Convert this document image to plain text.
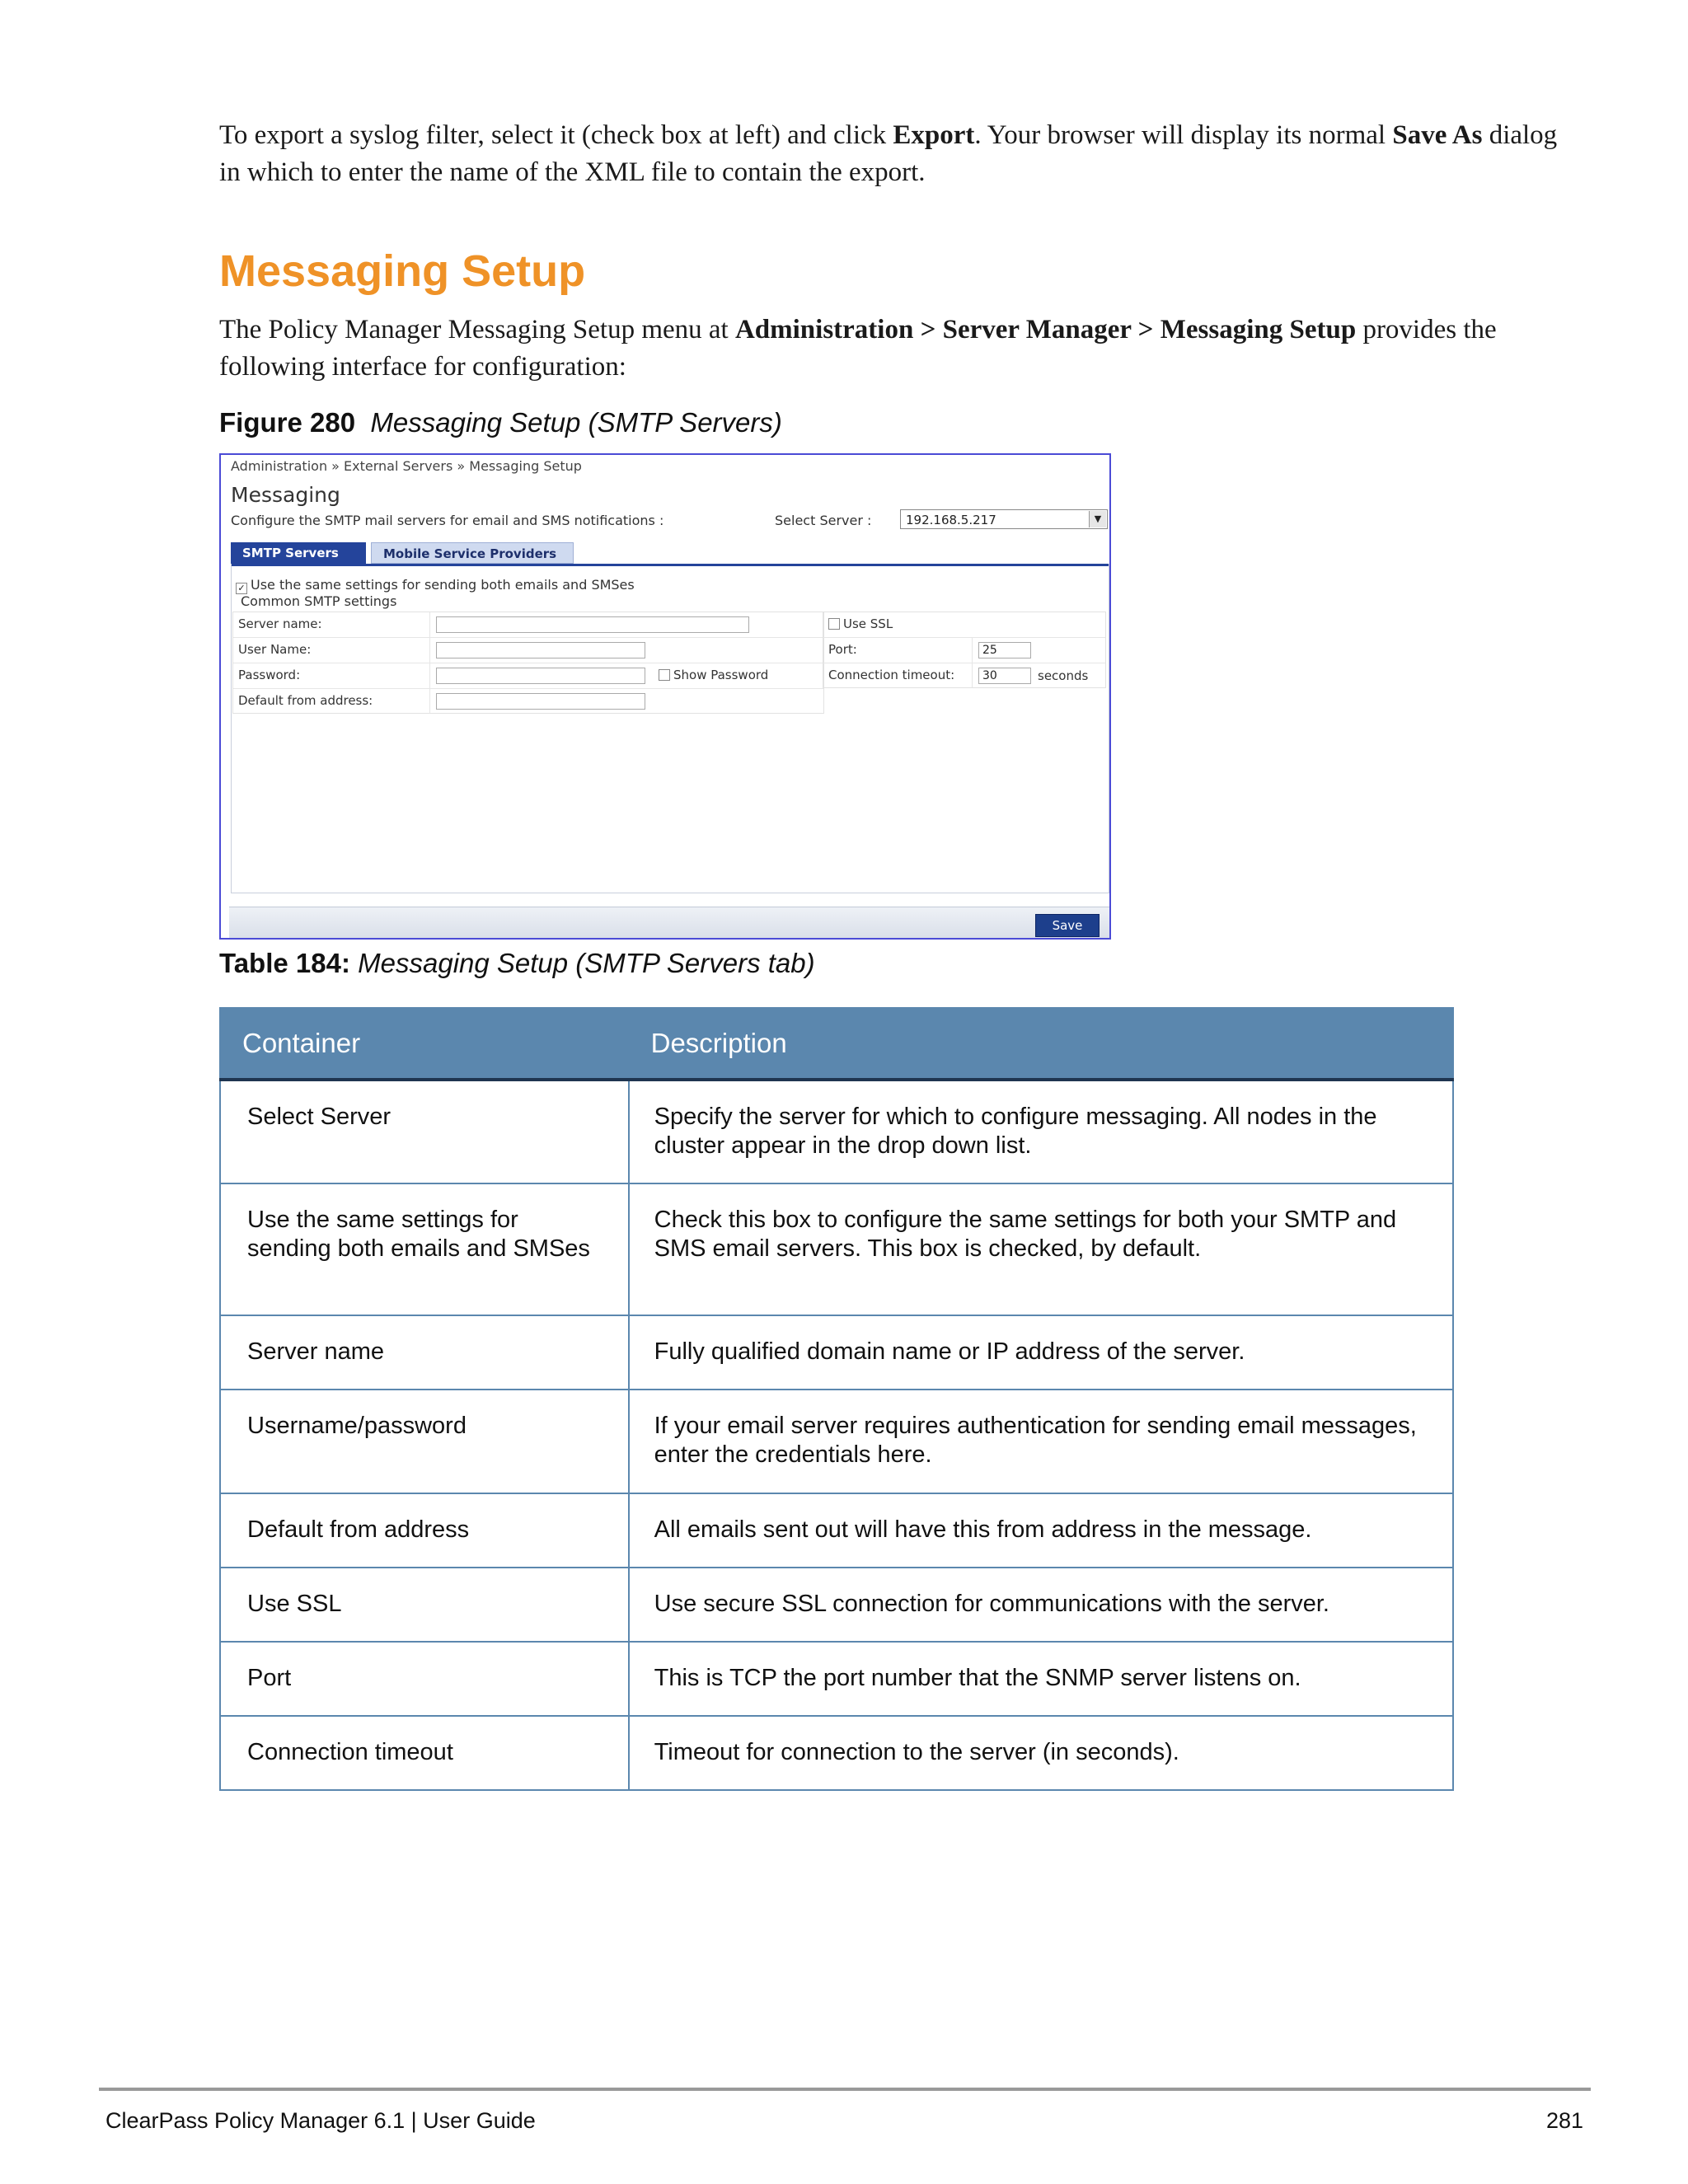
To export a syslog filter, select it (check box at left) and click Export. Your browser will display its normal Save As dialog in which to enter the name of the XML file to contain the export.
Messaging Setup
The Policy Manager Messaging Setup menu at Administration > Server Manager > Messaging Setup provides the following interface for configuration:
Figure 280 Messaging Setup (SMTP Servers)
Administration » External Servers » Messaging Setup
Messaging
Configure the SMTP mail servers for email and SMS notifications :	Select Server :	192.168.5.217	▼
SMTP Servers	Mobile Service Providers
✓ Use the same settings for sending both emails and SMSes
Common SMTP settings
Server name:
User Name:
Password:	Show Password
Default from address:
Use SSL
Port:	25
Connection timeout:	30	seconds
Save
Table 184: Messaging Setup (SMTP Servers tab)
Container	Description
Select Server	Specify the server for which to configure messaging. All nodes in the cluster appear in the drop down list.
Use the same settings for sending both emails and SMSes	Check this box to configure the same settings for both your SMTP and SMS email servers. This box is checked, by default.
Server name	Fully qualified domain name or IP address of the server.
Username/password	If your email server requires authentication for sending email messages, enter the credentials here.
Default from address	All emails sent out will have this from address in the message.
Use SSL	Use secure SSL connection for communications with the server.
Port	This is TCP the port number that the SNMP server listens on.
Connection timeout	Timeout for connection to the server (in seconds).
ClearPass Policy Manager 6.1 | User Guide	281
